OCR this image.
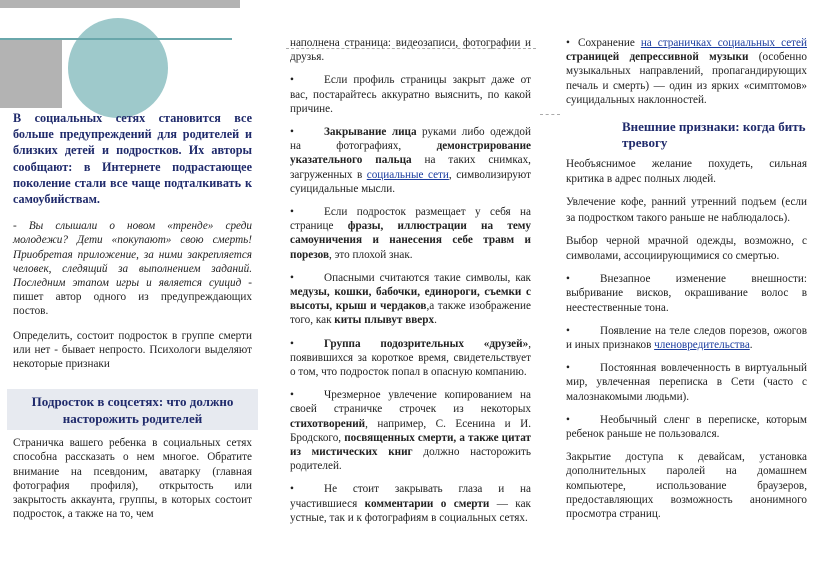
В социальных сетях становится все больше предупреждений для родителей и близких детей и подростков. Их авторы сообщают: в Интернете подрастающее поколение стали все чаще подталкивать к самоубийствам.

- Вы слышали о новом «тренде» среди молодежи? Дети «покупают» свою смерть! Приобретая приложение, за ними закрепляется человек, следящий за выполнением заданий. Последним этапом игры и является суицид - пишет автор одного из предупреждающих постов.

Определить, состоит подросток в группе смерти или нет - бывает непросто. Психологи выделяют некоторые признаки

Подросток в соцсетях: что должно насторожить родителей

Страничка вашего ребенка в социальных сетях способна рассказать о нем многое. Обратите внимание на псевдоним, аватарку (главная фотография профиля), открытость или закрытость аккаунта, группы, в которых состоит подросток, а также на то, чем

наполнена страница: видеозаписи, фотографии и друзья.

•	Если профиль страницы закрыт даже от вас, постарайтесь аккуратно выяснить, по какой причине.

•	Закрывание лица руками либо одеждой на фотографиях, демонстрирование указательного пальца на таких снимках, загруженных в социальные сети, символизируют суицидальные мысли.

•	Если подросток размещает у себя на странице фразы, иллюстрации на тему самоуничения и нанесения себе травм и порезов, это плохой знак.

•	Опасными считаются такие символы, как медузы, кошки, бабочки, единороги, съемки с высоты, крыш и чердаков,а также изображение того, как киты плывут вверх.

•	Группа подозрительных «друзей», появившихся за короткое время, свидетельствует о том, что подросток попал в опасную компанию.

•	Чрезмерное увлечение копированием на своей страничке строчек из некоторых стихотворений, например, С. Есенина и И. Бродского, посвященных смерти, а также цитат из мистических книг должно насторожить родителей.

•	Не стоит закрывать глаза и на участившиеся комментарии о смерти — как устные, так и к фотографиям в социальных сетях.

• Сохранение на страничках социальных сетей страницей депрессивной музыки (особенно музыкальных направлений, пропагандирующих печаль и смерть) — один из ярких «симптомов» суицидальных наклонностей.

Внешние признаки: когда бить тревогу

Необъяснимое желание похудеть, сильная критика в адрес полных людей.

Увлечение кофе, ранний утренний подъем (если за подростком такого раньше не наблюдалось).

Выбор черной мрачной одежды, возможно, с символами, ассоциирующимися со смертью.

•	Внезапное изменение внешности: выбривание висков, окрашивание волос в неестественные тона.

•	Появление на теле следов порезов, ожогов и иных признаков членовредительства.

•	Постоянная вовлеченность в виртуальный мир, увлеченная переписка в Сети (часто с малознакомыми людьми).

•	Необычный сленг в переписке, которым ребенок раньше не пользовался.

Закрытие доступа к девайсам, установка дополнительных паролей на домашнем компьютере, использование браузеров, предоставляющих возможность анонимного просмотра страниц.
